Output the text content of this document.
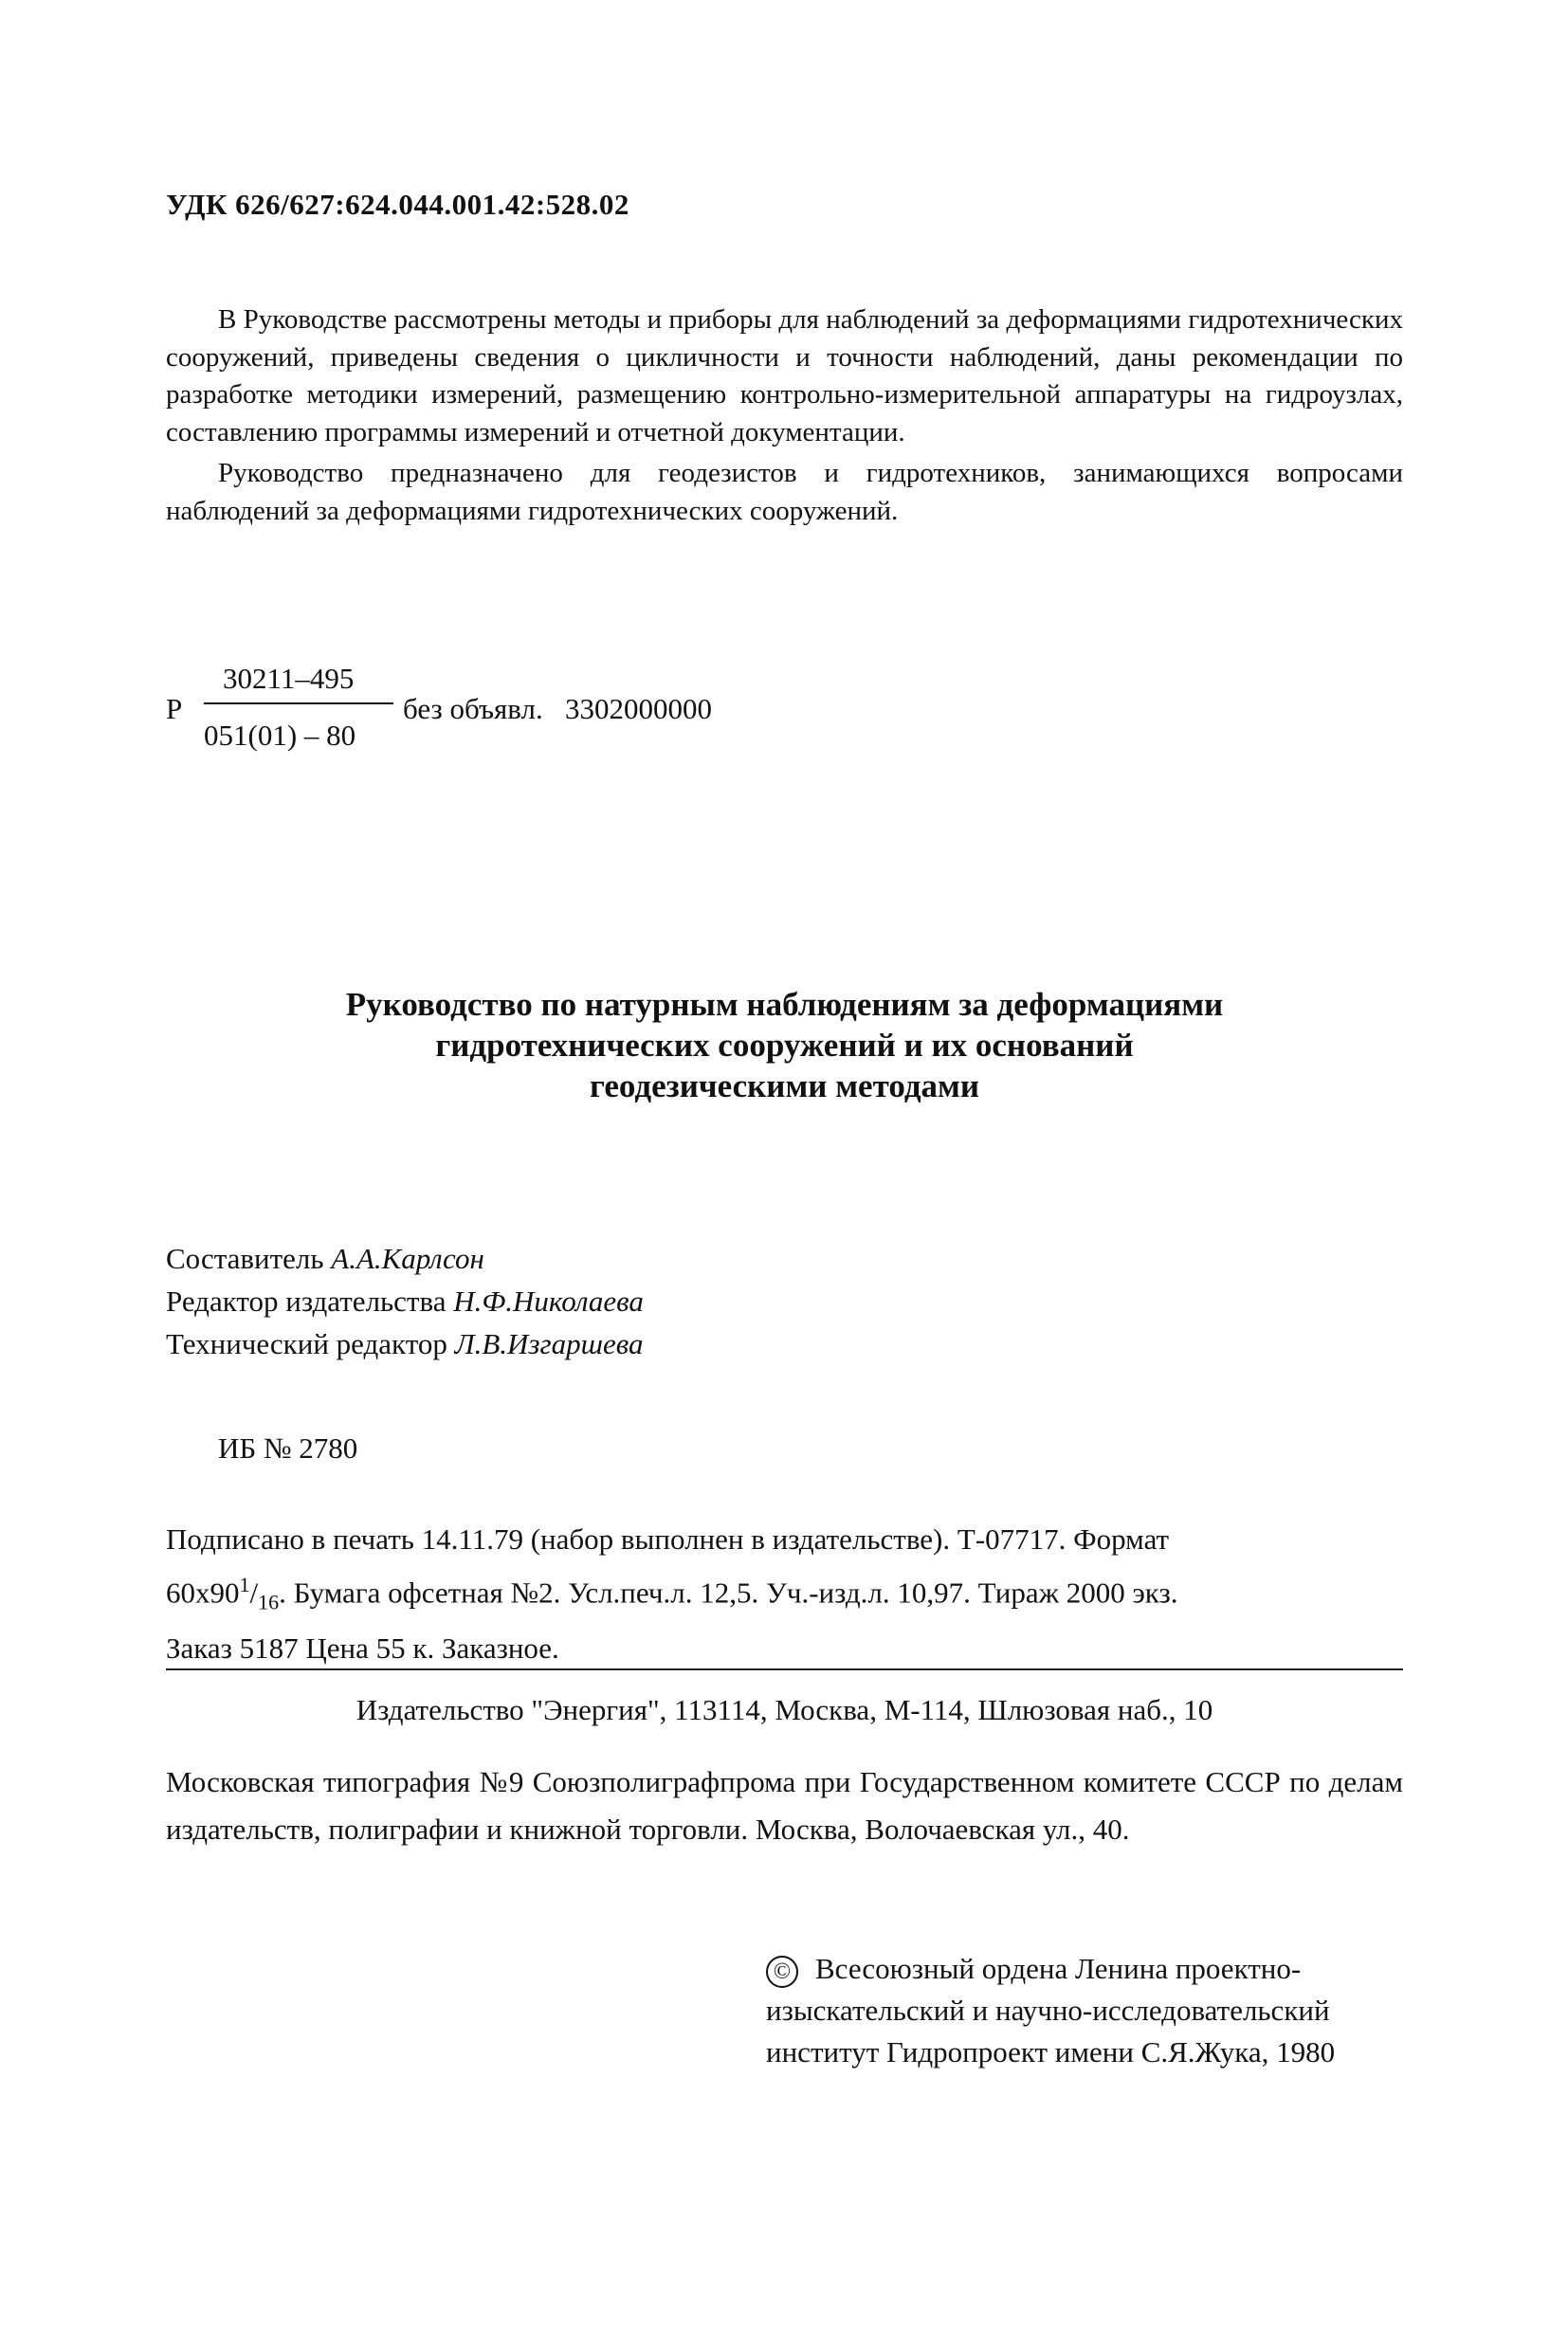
УДК 626/627:624.044.001.42:528.02

В Руководстве рассмотрены методы и приборы для наблюдений за деформациями гидротехнических сооружений, приведены сведения о цикличности и точности наблюдений, даны рекомендации по разработке методики измерений, размещению контрольно-измерительной аппаратуры на гидроузлах, составлению программы измерений и отчетной документации.

Руководство предназначено для геодезистов и гидротехников, занимающихся вопросами наблюдений за деформациями гидротехнических сооружений.

Р
30211–495
051(01) – 80
без объявл. 3302000000
Руководство по натурным наблюдениям за деформациями
гидротехнических сооружений и их оснований
геодезическими методами
Составитель А.А.Карлсон
Редактор издательства Н.Ф.Николаева
Технический редактор Л.В.Изгаршева
ИБ № 2780
Подписано в печать 14.11.79 (набор выполнен в издательстве). Т-07717. Формат
$60x90^1/_{16}$. Бумага офсетная №2. Усл.печ.л. 12,5. Уч.-изд.л. 10,97. Тираж 2000 экз.
Заказ 5187 Цена 55 к. Заказное.
Издательство "Энергия", 113114, Москва, М-114, Шлюзовая наб., 10
Московская типография №9 Союзполиграфпрома при Государственном комитете СССР по делам издательств, полиграфии и книжной торговли. Москва, Волочаевская ул., 40.
© Всесоюзный ордена Ленина проектно-изыскательский и научно-исследовательский институт Гидропроект имени С.Я.Жука, 1980
